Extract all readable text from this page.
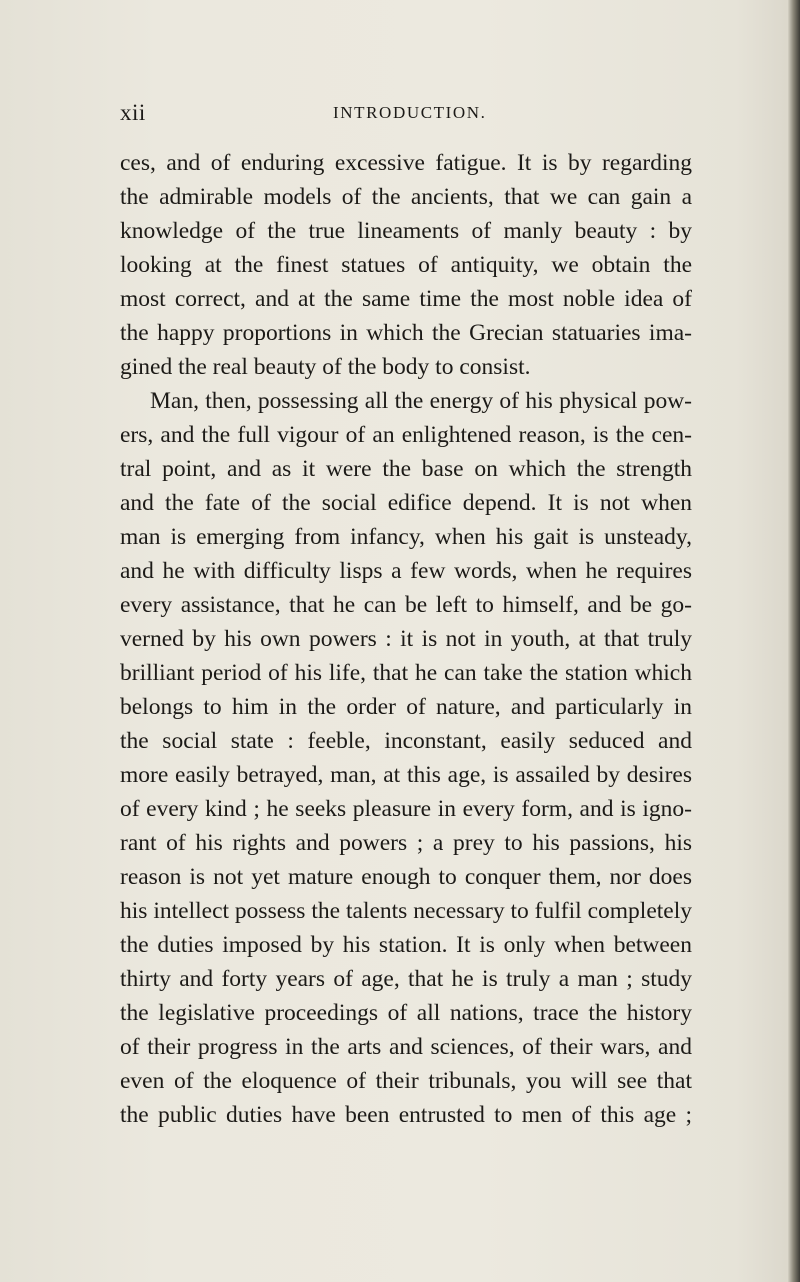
xii	INTRODUCTION.
ces, and of enduring excessive fatigue. It is by regarding
the admirable models of the ancients, that we can gain a
knowledge of the true lineaments of manly beauty : by
looking at the finest statues of antiquity, we obtain the
most correct, and at the same time the most noble idea of
the happy proportions in which the Grecian statuaries ima-
gined the real beauty of the body to consist.
Man, then, possessing all the energy of his physical pow-
ers, and the full vigour of an enlightened reason, is the cen-
tral point, and as it were the base on which the strength
and the fate of the social edifice depend. It is not when
man is emerging from infancy, when his gait is unsteady,
and he with difficulty lisps a few words, when he requires
every assistance, that he can be left to himself, and be go-
verned by his own powers : it is not in youth, at that truly
brilliant period of his life, that he can take the station which
belongs to him in the order of nature, and particularly in
the social state : feeble, inconstant, easily seduced and
more easily betrayed, man, at this age, is assailed by desires
of every kind ; he seeks pleasure in every form, and is igno-
rant of his rights and powers ; a prey to his passions, his
reason is not yet mature enough to conquer them, nor does
his intellect possess the talents necessary to fulfil completely
the duties imposed by his station. It is only when between
thirty and forty years of age, that he is truly a man ; study
the legislative proceedings of all nations, trace the history
of their progress in the arts and sciences, of their wars, and
even of the eloquence of their tribunals, you will see that
the public duties have been entrusted to men of this age ;
